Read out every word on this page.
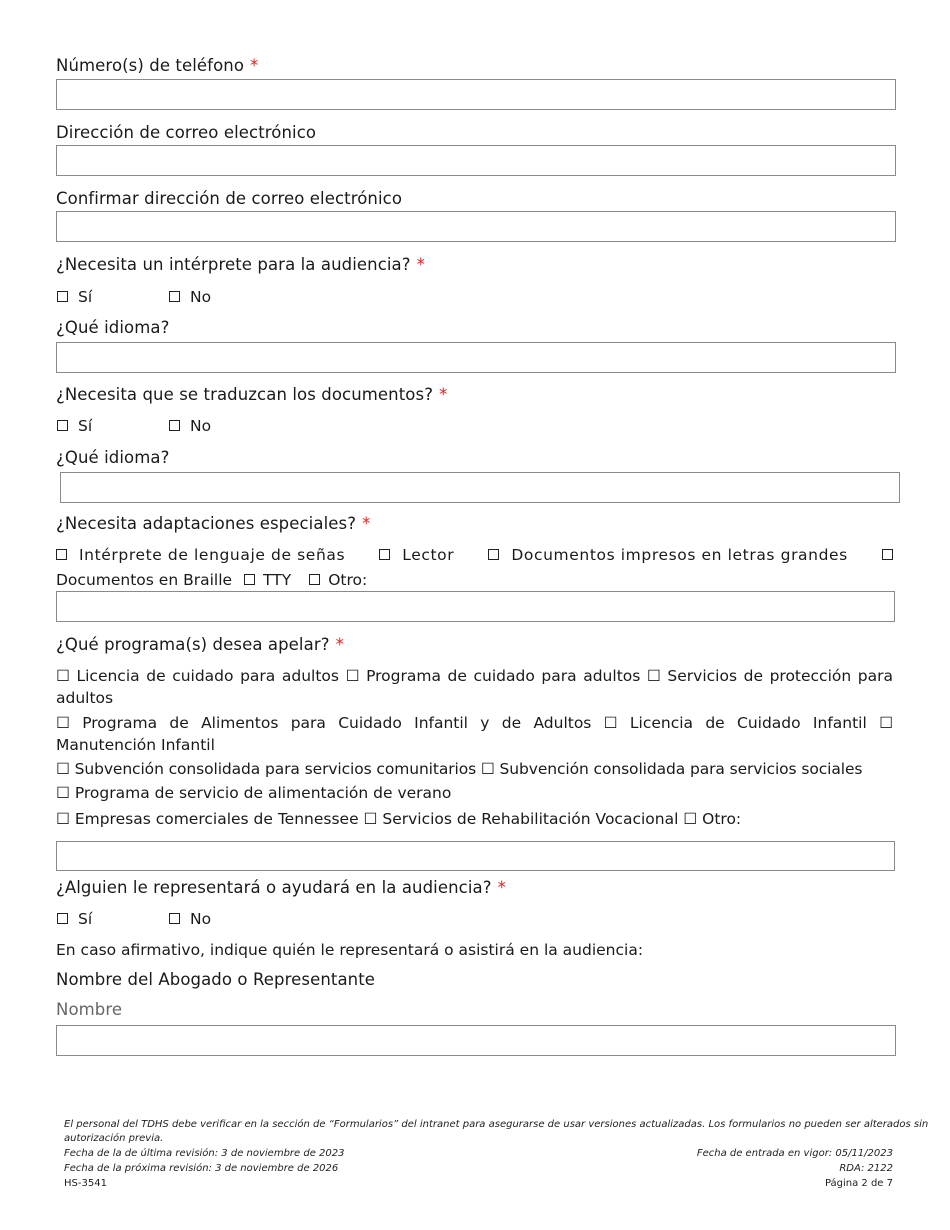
Número(s) de teléfono *
Dirección de correo electrónico
Confirmar dirección de correo electrónico
¿Necesita un intérprete para la audiencia? *
Sí	No
¿Qué idioma?
¿Necesita que se traduzcan los documentos? *
Sí	No
¿Qué idioma?
¿Necesita adaptaciones especiales? *
Intérprete de lenguaje de señas	Lector	Documentos impresos en letras grandes
Documentos en Braille TTY Otro:
¿Qué programa(s) desea apelar? *
☐ Licencia de cuidado para adultos ☐ Programa de cuidado para adultos ☐ Servicios de protección para
adultos
☐ Programa de Alimentos para Cuidado Infantil y de Adultos ☐ Licencia de Cuidado Infantil ☐
Manutención Infantil
☐ Subvención consolidada para servicios comunitarios ☐ Subvención consolidada para servicios sociales
☐ Programa de servicio de alimentación de verano
☐ Empresas comerciales de Tennessee ☐ Servicios de Rehabilitación Vocacional ☐ Otro:
¿Alguien le representará o ayudará en la audiencia? *
Sí	No
En caso afirmativo, indique quién le representará o asistirá en la audiencia:
Nombre del Abogado o Representante
Nombre
El personal del TDHS debe verificar en la sección de “Formularios” del intranet para asegurarse de usar versiones actualizadas. Los formularios no pueden ser alterados sin
autorización previa.
Fecha de la de última revisión: 3 de noviembre de 2023
Fecha de la próxima revisión: 3 de noviembre de 2026
HS-3541
Fecha de entrada en vigor: 05/11/2023
RDA: 2122
Página 2 de 7
